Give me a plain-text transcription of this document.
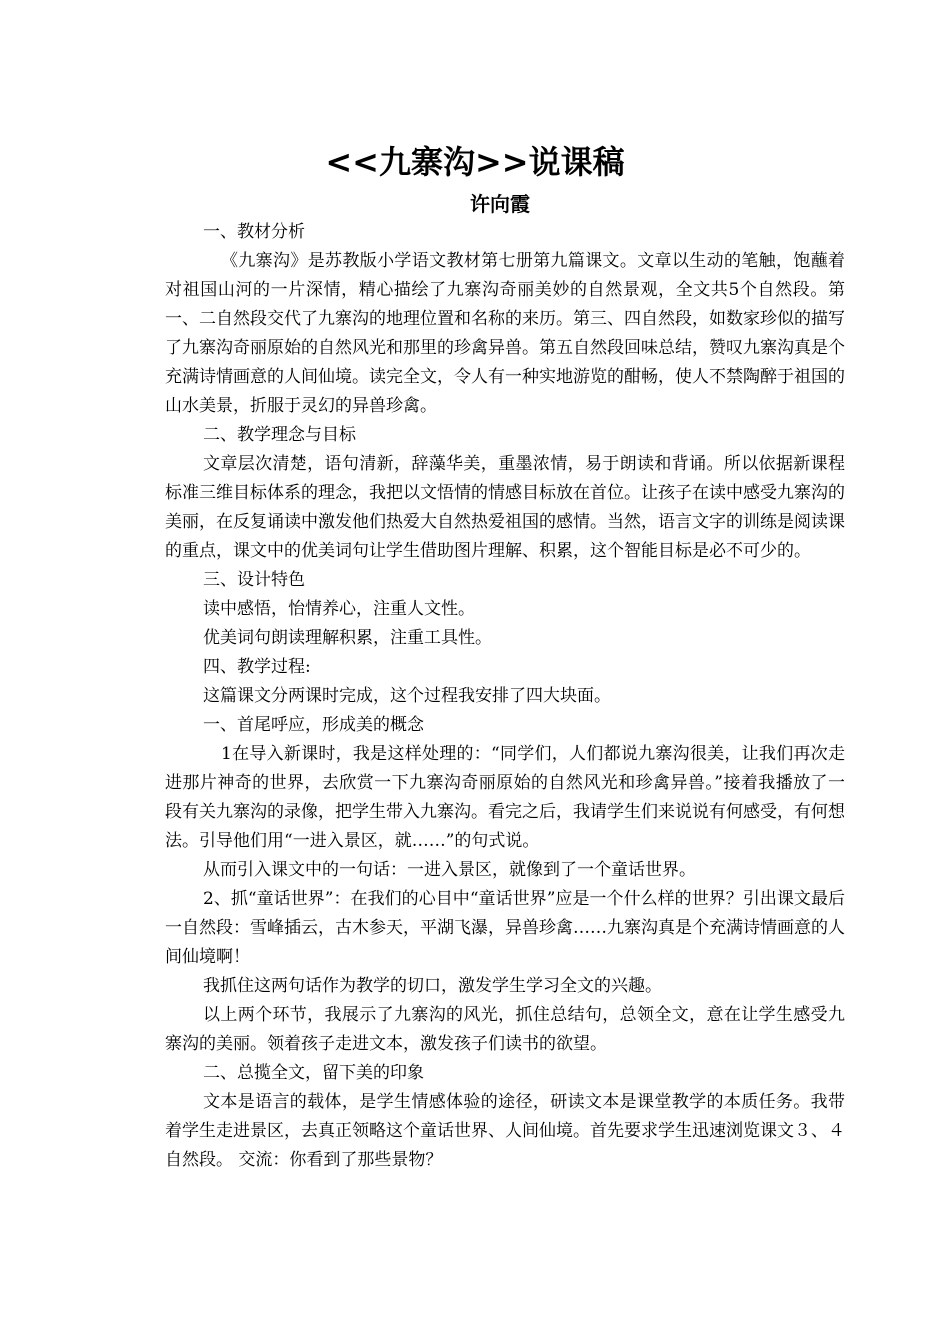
<<九寨沟>>说课稿
许向霞

一、教材分析

《九寨沟》是苏教版小学语文教材第七册第九篇课文。文章以生动的笔触，饱蘸着对祖国山河的一片深情，精心描绘了九寨沟奇丽美妙的自然景观，全文共5个自然段。第一、二自然段交代了九寨沟的地理位置和名称的来历。第三、四自然段，如数家珍似的描写了九寨沟奇丽原始的自然风光和那里的珍禽异兽。第五自然段回味总结，赞叹九寨沟真是个充满诗情画意的人间仙境。读完全文，令人有一种实地游览的酣畅，使人不禁陶醉于祖国的山水美景，折服于灵幻的异兽珍禽。

二、教学理念与目标

文章层次清楚，语句清新，辞藻华美，重墨浓情，易于朗读和背诵。所以依据新课程标准三维目标体系的理念，我把以文悟情的情感目标放在首位。让孩子在读中感受九寨沟的美丽，在反复诵读中激发他们热爱大自然热爱祖国的感情。当然，语言文字的训练是阅读课的重点，课文中的优美词句让学生借助图片理解、积累，这个智能目标是必不可少的。

三、设计特色

读中感悟，怡情养心，注重人文性。

优美词句朗读理解积累，注重工具性。

四、教学过程:

这篇课文分两课时完成，这个过程我安排了四大块面。

一、首尾呼应，形成美的概念

1在导入新课时，我是这样处理的：“同学们，人们都说九寨沟很美，让我们再次走进那片神奇的世界，去欣赏一下九寨沟奇丽原始的自然风光和珍禽异兽。”接着我播放了一段有关九寨沟的录像，把学生带入九寨沟。看完之后，我请学生们来说说有何感受，有何想法。引导他们用“一进入景区，就……”的句式说。

从而引入课文中的一句话：一进入景区，就像到了一个童话世界。

2、抓“童话世界”：在我们的心目中“童话世界”应是一个什么样的世界？引出课文最后一自然段：雪峰插云，古木参天，平湖飞瀑，异兽珍禽……九寨沟真是个充满诗情画意的人间仙境啊！

我抓住这两句话作为教学的切口，激发学生学习全文的兴趣。

以上两个环节，我展示了九寨沟的风光，抓住总结句，总领全文，意在让学生感受九寨沟的美丽。领着孩子走进文本，激发孩子们读书的欲望。

二、总揽全文，留下美的印象

文本是语言的载体，是学生情感体验的途径，研读文本是课堂教学的本质任务。我带着学生走进景区，去真正领略这个童话世界、人间仙境。首先要求学生迅速浏览课文３、４自然段。 交流：你看到了那些景物？
